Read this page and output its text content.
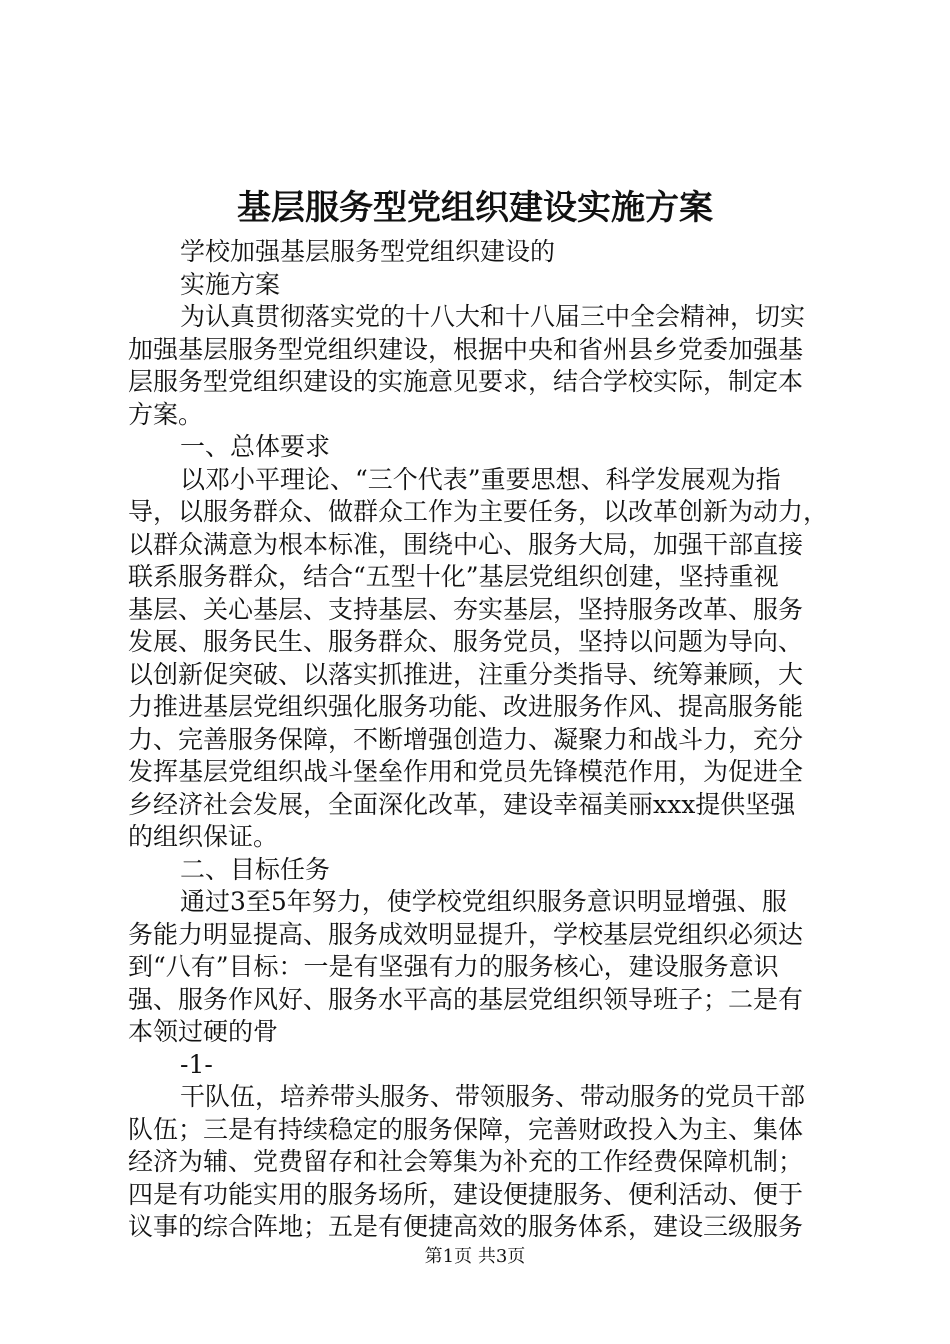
基层服务型党组织建设实施方案
学校加强基层服务型党组织建设的
实施方案
为认真贯彻落实党的十八大和十八届三中全会精神，切实
加强基层服务型党组织建设，根据中央和省州县乡党委加强基
层服务型党组织建设的实施意见要求，结合学校实际，制定本
方案。
一、总体要求
以邓小平理论、“三个代表”重要思想、科学发展观为指
导，以服务群众、做群众工作为主要任务，以改革创新为动力，
以群众满意为根本标准，围绕中心、服务大局，加强干部直接
联系服务群众，结合“五型十化”基层党组织创建，坚持重视
基层、关心基层、支持基层、夯实基层，坚持服务改革、服务
发展、服务民生、服务群众、服务党员，坚持以问题为导向、
以创新促突破、以落实抓推进，注重分类指导、统筹兼顾，大
力推进基层党组织强化服务功能、改进服务作风、提高服务能
力、完善服务保障，不断增强创造力、凝聚力和战斗力，充分
发挥基层党组织战斗堡垒作用和党员先锋模范作用，为促进全
乡经济社会发展，全面深化改革，建设幸福美丽xxx提供坚强
的组织保证。
二、目标任务
通过3至5年努力，使学校党组织服务意识明显增强、服
务能力明显提高、服务成效明显提升，学校基层党组织必须达
到“八有”目标：一是有坚强有力的服务核心，建设服务意识
强、服务作风好、服务水平高的基层党组织领导班子；二是有
本领过硬的骨
-1-
干队伍，培养带头服务、带领服务、带动服务的党员干部
队伍；三是有持续稳定的服务保障，完善财政投入为主、集体
经济为辅、党费留存和社会筹集为补充的工作经费保障机制；
四是有功能实用的服务场所，建设便捷服务、便利活动、便于
议事的综合阵地；五是有便捷高效的服务体系，建设三级服务
第1页 共3页
